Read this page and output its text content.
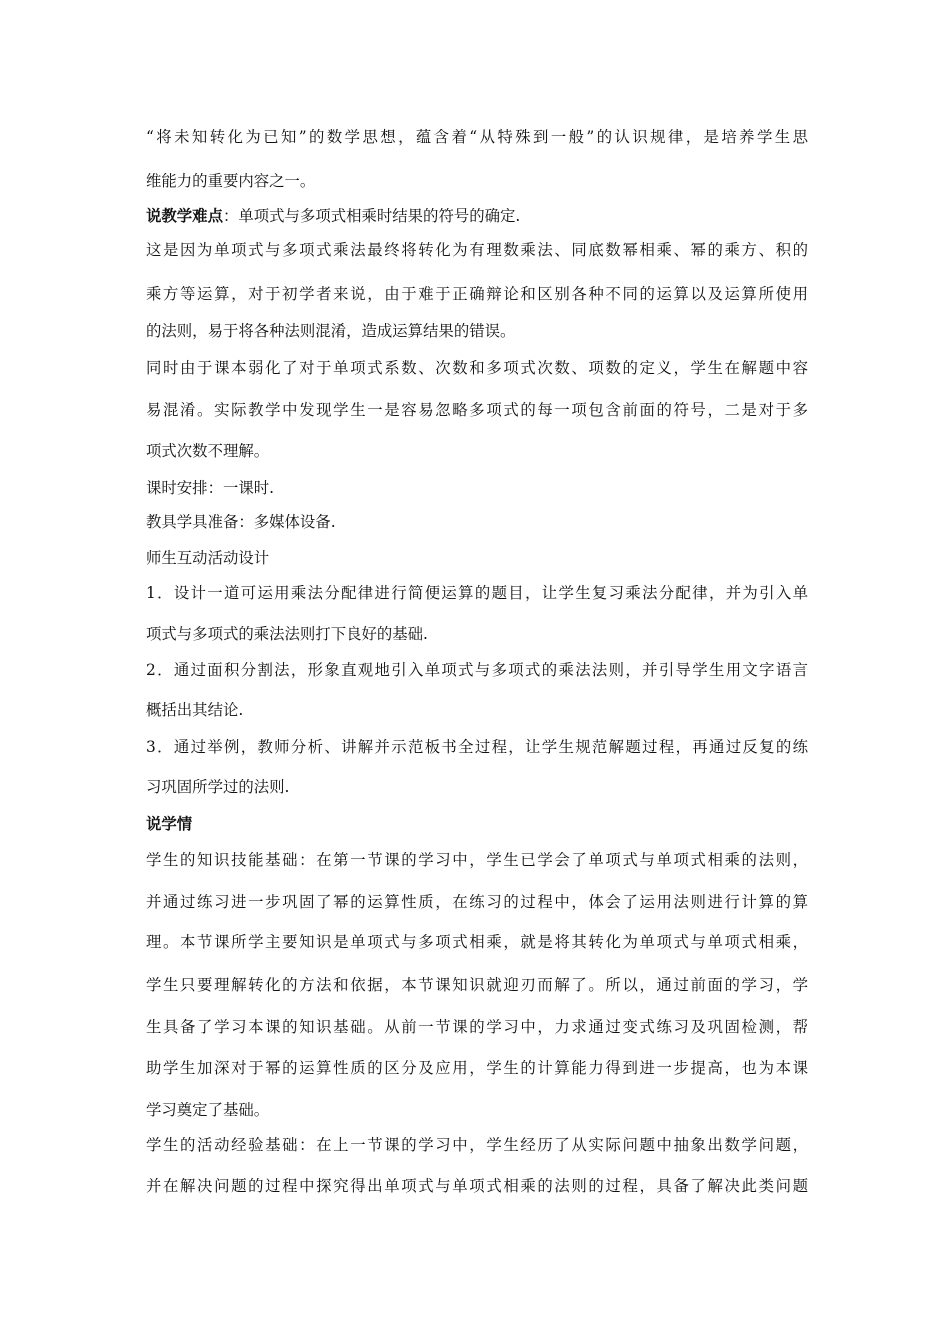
“将未知转化为已知”的数学思想，蕴含着“从特殊到一般”的认识规律，是培养学生思

维能力的重要内容之一。

说教学难点：单项式与多项式相乘时结果的符号的确定.

这是因为单项式与多项式乘法最终将转化为有理数乘法、同底数幂相乘、幂的乘方、积的

乘方等运算，对于初学者来说，由于难于正确辩论和区别各种不同的运算以及运算所使用

的法则，易于将各种法则混淆，造成运算结果的错误。

同时由于课本弱化了对于单项式系数、次数和多项式次数、项数的定义，学生在解题中容

易混淆。实际教学中发现学生一是容易忽略多项式的每一项包含前面的符号，二是对于多

项式次数不理解。

课时安排：一课时.

教具学具准备：多媒体设备.

师生互动活动设计

1．设计一道可运用乘法分配律进行简便运算的题目，让学生复习乘法分配律，并为引入单

项式与多项式的乘法法则打下良好的基础.

2．通过面积分割法，形象直观地引入单项式与多项式的乘法法则，并引导学生用文字语言

概括出其结论.

3．通过举例，教师分析、讲解并示范板书全过程，让学生规范解题过程，再通过反复的练

习巩固所学过的法则.

说学情

学生的知识技能基础：在第一节课的学习中，学生已学会了单项式与单项式相乘的法则，

并通过练习进一步巩固了幂的运算性质，在练习的过程中，体会了运用法则进行计算的算

理。本节课所学主要知识是单项式与多项式相乘，就是将其转化为单项式与单项式相乘，

学生只要理解转化的方法和依据，本节课知识就迎刃而解了。所以，通过前面的学习，学

生具备了学习本课的知识基础。从前一节课的学习中，力求通过变式练习及巩固检测，帮

助学生加深对于幂的运算性质的区分及应用，学生的计算能力得到进一步提高，也为本课

学习奠定了基础。

学生的活动经验基础：在上一节课的学习中，学生经历了从实际问题中抽象出数学问题，

并在解决问题的过程中探究得出单项式与单项式相乘的法则的过程，具备了解决此类问题
